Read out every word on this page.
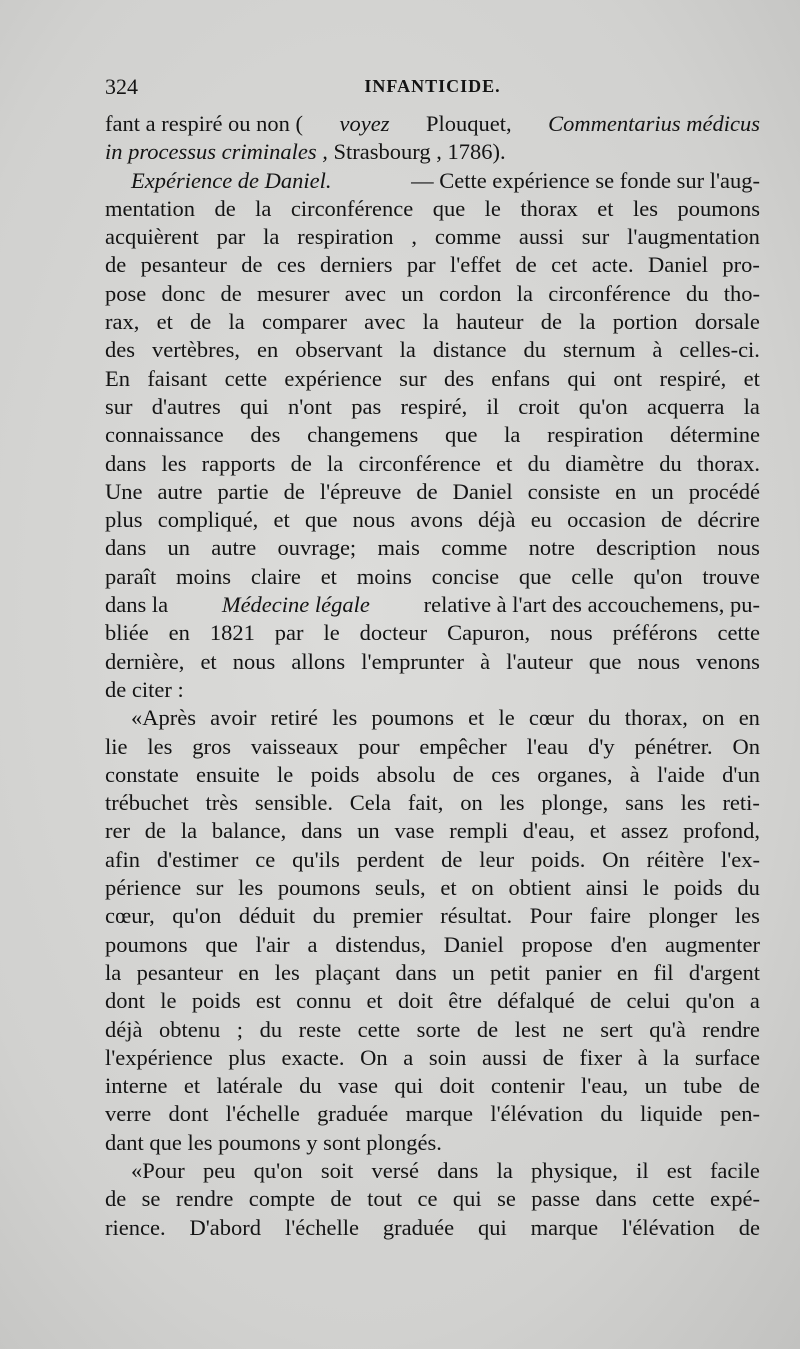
324	INFANTICIDE.
fant a respiré ou non ( voyez Plouquet, Commentarius médicus
in processus criminales ,
Strasbourg , 1786).
Expérience de Daniel.	— Cette expérience se fonde sur l'aug-
mentation de la circonférence que le thorax et les poumons
acquièrent par la respiration , comme aussi sur l'augmentation
de pesanteur de ces derniers par l'effet de cet acte. Daniel pro-
pose donc de mesurer avec un cordon la circonférence du tho-
rax, et de la comparer avec la hauteur de la portion dorsale
des vertèbres, en observant la distance du sternum à celles-ci.
En faisant cette expérience sur des enfans qui ont respiré, et
sur d'autres qui n'ont pas respiré, il croit qu'on acquerra la
connaissance des changemens que la respiration détermine
dans les rapports de la circonférence et du diamètre du thorax.
Une autre partie de l'épreuve de Daniel consiste en un procédé
plus compliqué, et que nous avons déjà eu occasion de décrire
dans un autre ouvrage; mais comme notre description nous
paraît moins claire et moins concise que celle qu'on trouve
dans la Médecine légale relative à l'art des accouchemens, pu-
bliée en 1821 par le docteur Capuron, nous préférons cette
dernière, et nous allons l'emprunter à l'auteur que nous venons
de citer :
«Après avoir retiré les poumons et le cœur du thorax, on en
lie les gros vaisseaux pour empêcher l'eau d'y pénétrer. On
constate ensuite le poids absolu de ces organes, à l'aide d'un
trébuchet très sensible. Cela fait, on les plonge, sans les reti-
rer de la balance, dans un vase rempli d'eau, et assez profond,
afin d'estimer ce qu'ils perdent de leur poids. On réitère l'ex-
périence sur les poumons seuls, et on obtient ainsi le poids du
cœur, qu'on déduit du premier résultat. Pour faire plonger les
poumons que l'air a distendus, Daniel propose d'en augmenter
la pesanteur en les plaçant dans un petit panier en fil d'argent
dont le poids est connu et doit être défalqué de celui qu'on a
déjà obtenu ; du reste cette sorte de lest ne sert qu'à rendre
l'expérience plus exacte. On a soin aussi de fixer à la surface
interne et latérale du vase qui doit contenir l'eau, un tube de
verre dont l'échelle graduée marque l'élévation du liquide pen-
dant que les poumons y sont plongés.
«Pour peu qu'on soit versé dans la physique, il est facile
de se rendre compte de tout ce qui se passe dans cette expé-
rience. D'abord l'échelle graduée qui marque l'élévation de
